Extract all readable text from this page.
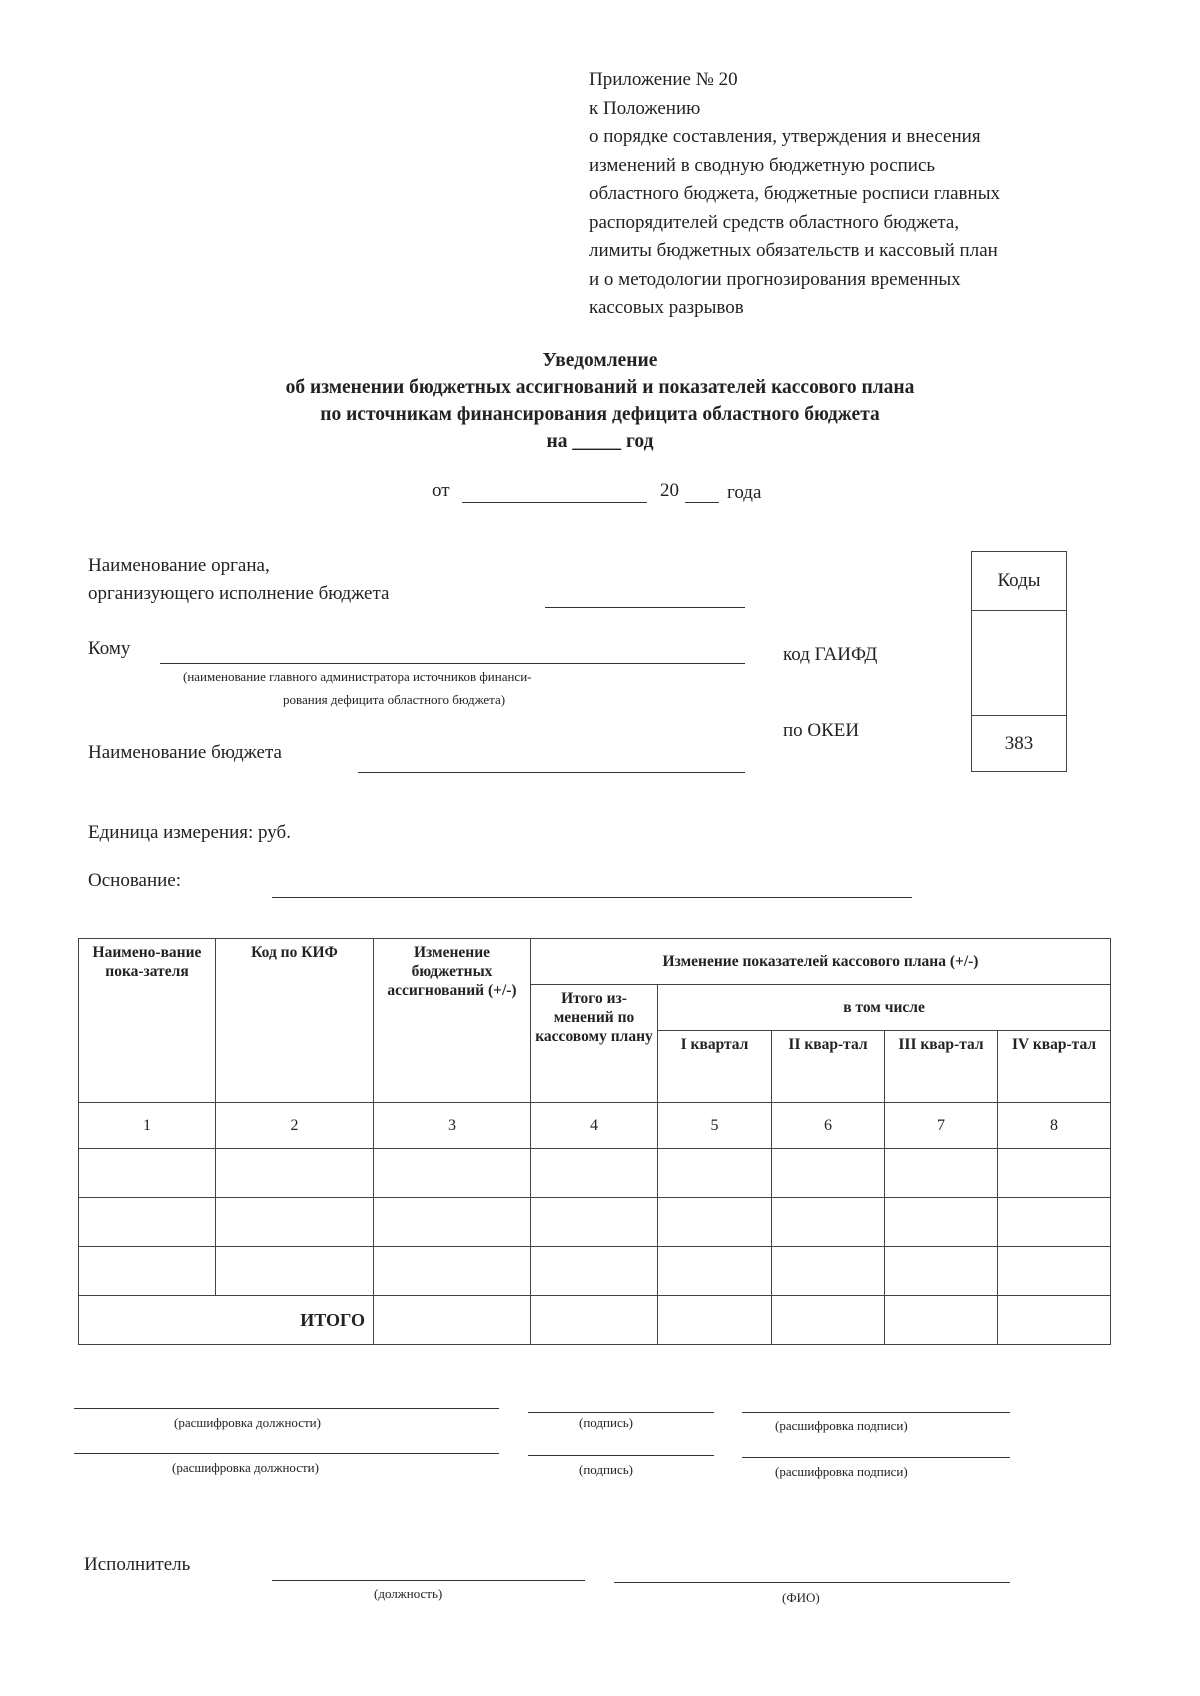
Приложение № 20
к Положению
о порядке составления, утверждения и внесения
изменений в сводную бюджетную роспись
областного бюджета, бюджетные росписи главных
распорядителей средств областного бюджета,
лимиты бюджетных обязательств и кассовый план
и о методологии прогнозирования временных
кассовых разрывов
Уведомление
об изменении бюджетных ассигнований и показателей кассового плана
по источникам финансирования дефицита областного бюджета
на _____ год
от	20	года
Наименование органа,
организующего исполнение бюджета
Кому
(наименование главного администратора источников финанси-
рования дефицита областного бюджета)
Наименование бюджета
Единица измерения: руб.
Основание:
код ГАИФД
по ОКЕИ
Коды
383
Наимено-вание пока-зателя	Код по КИФ	Изменение бюджетных ассигнований (+/-)	Изменение показателей кассового плана (+/-)				
			Итого из-менений по кассовому плану	в том числе			
				I квартал	II квар-тал	III квар-тал	IV квар-тал
1	2	3	4	5	6	7	8

ИТОГО							
(расшифровка должности)	(подпись)	(расшифровка подписи)
(расшифровка должности)	(подпись)	(расшифровка подписи)
Исполнитель
(должность)	(ФИО)
